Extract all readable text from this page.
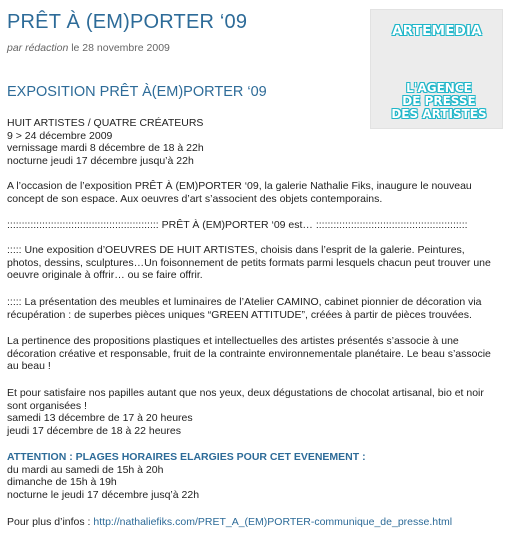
PRÊT À (EM)PORTER ‘09
par rédaction le 28 novembre 2009
ARTEMEDIA
L'AGENCE
DE PRESSE
DES ARTISTES
EXPOSITION PRÊT À(EM)PORTER ‘09

HUIT ARTISTES / QUATRE CRÉATEURS

9 > 24 décembre 2009

vernissage mardi 8 décembre de 18 à 22h

nocturne jeudi 17 décembre jusqu’à 22h

A l’occasion de l’exposition PRÊT À (EM)PORTER ‘09, la galerie Nathalie Fiks, inaugure le nouveau concept de son espace. Aux oeuvres d’art s’associent des objets contemporains.

:::::::::::::::::::::::::::::::::::::::::::::::::::: PRÊT À (EM)PORTER ‘09 est… ::::::::::::::::::::::::::::::::::::::::::::::::::::

::::: Une exposition d’OEUVRES DE HUIT ARTISTES, choisis dans l’esprit de la galerie. Peintures, photos, dessins, sculptures…Un foisonnement de petits formats parmi lesquels chacun peut trouver une oeuvre originale à offrir… ou se faire offrir.

::::: La présentation des meubles et luminaires de l’Atelier CAMINO, cabinet pionnier de décoration via récupération : de superbes pièces uniques “GREEN ATTITUDE”, créées à partir de pièces trouvées.

La pertinence des propositions plastiques et intellectuelles des artistes présentés s’associe à une décoration créative et responsable, fruit de la contrainte environnementale planétaire. Le beau s’associe au beau !

Et pour satisfaire nos papilles autant que nos yeux, deux dégustations de chocolat artisanal, bio et noir sont organisées !

samedi 13 décembre de 17 à 20 heures

jeudi 17 décembre de 18 à 22 heures

ATTENTION : PLAGES HORAIRES ELARGIES POUR CET EVENEMENT :

du mardi au samedi de 15h à 20h

dimanche de 15h à 19h

nocturne le jeudi 17 décembre jusq’à 22h

Pour plus d’infos : http://nathaliefiks.com/PRET_A_(EM)PORTER-communique_de_presse.html
